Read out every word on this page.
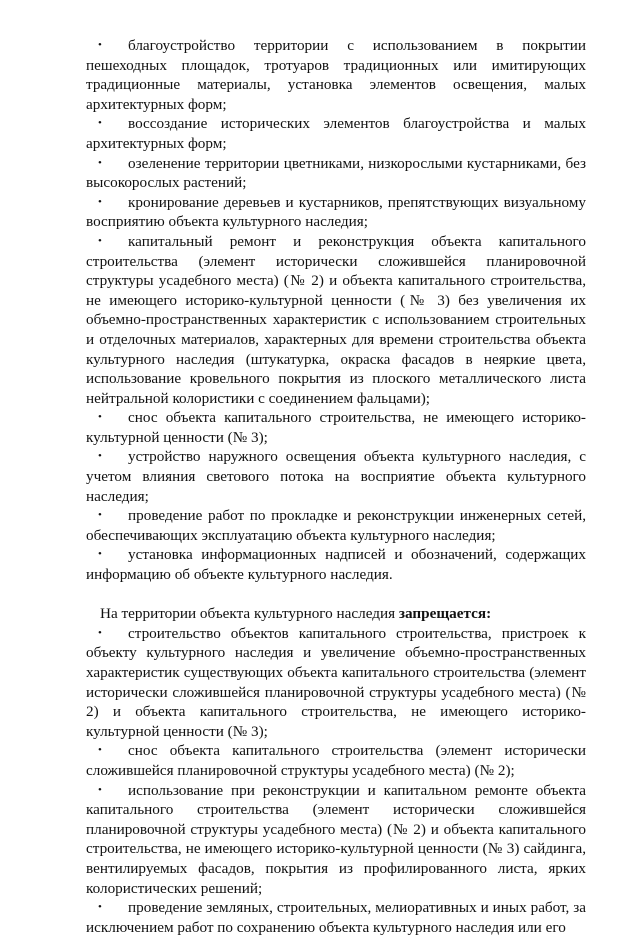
• благоустройство территории с использованием в покрытии пешеходных площадок, тротуаров традиционных или имитирующих традиционные материалы, установка элементов освещения, малых архитектурных форм;
• воссоздание исторических элементов благоустройства и малых архитектурных форм;
• озеленение территории цветниками, низкорослыми кустарниками, без высокорослых растений;
• кронирование деревьев и кустарников, препятствующих визуальному восприятию объекта культурного наследия;
• капитальный ремонт и реконструкция объекта капитального строительства (элемент исторически сложившейся планировочной структуры усадебного места) (№ 2) и объекта капитального строительства, не имеющего историко-культурной ценности (№ 3) без увеличения их объемно-пространственных характеристик с использованием строительных и отделочных материалов, характерных для времени строительства объекта культурного наследия (штукатурка, окраска фасадов в неяркие цвета, использование кровельного покрытия из плоского металлического листа нейтральной колористики с соединением фальцами);
• снос объекта капитального строительства, не имеющего историко-культурной ценности (№ 3);
• устройство наружного освещения объекта культурного наследия, с учетом влияния светового потока на восприятие объекта культурного наследия;
• проведение работ по прокладке и реконструкции инженерных сетей, обеспечивающих эксплуатацию объекта культурного наследия;
• установка информационных надписей и обозначений, содержащих информацию об объекте культурного наследия.

На территории объекта культурного наследия запрещается:

• строительство объектов капитального строительства, пристроек к объекту культурного наследия и увеличение объемно-пространственных характеристик существующих объекта капитального строительства (элемент исторически сложившейся планировочной структуры усадебного места) (№ 2) и объекта капитального строительства, не имеющего историко-культурной ценности (№ 3);
• снос объекта капитального строительства (элемент исторически сложившейся планировочной структуры усадебного места) (№ 2);
• использование при реконструкции и капитальном ремонте объекта капитального строительства (элемент исторически сложившейся планировочной структуры усадебного места) (№ 2) и объекта капитального строительства, не имеющего историко-культурной ценности (№ 3) сайдинга, вентилируемых фасадов, покрытия из профилированного листа, ярких колористических решений;
• проведение земляных, строительных, мелиоративных и иных работ, за исключением работ по сохранению объекта культурного наследия или его
